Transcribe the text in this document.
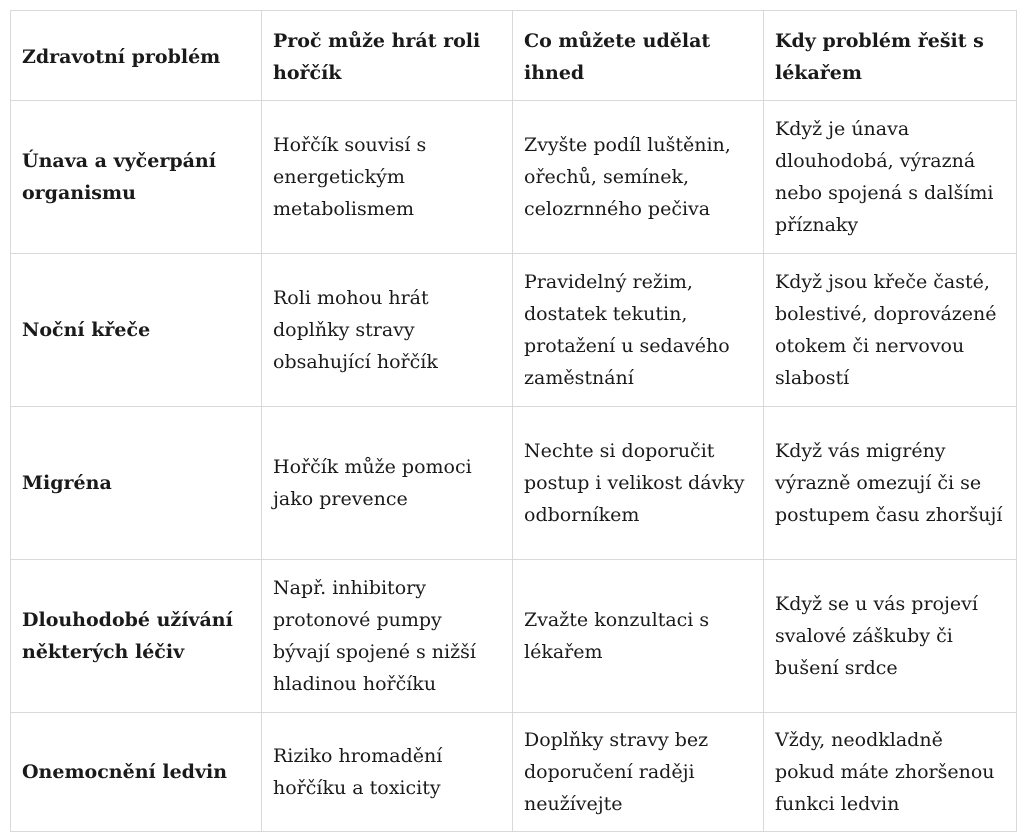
Zdravotní problém	Proč může hrát roli hořčík	Co můžete udělat ihned	Kdy problém řešit s lékařem
Únava a vyčerpání organismu	Hořčík souvisí s energetickým metabolismem	Zvyšte podíl luštěnin, ořechů, semínek, celozrnného pečiva	Když je únava dlouhodobá, výrazná nebo spojená s dalšími příznaky
Noční křeče	Roli mohou hrát doplňky stravy obsahující hořčík	Pravidelný režim, dostatek tekutin, protažení u sedavého zaměstnání	Když jsou křeče časté, bolestivé, doprovázené otokem či nervovou slabostí
Migréna	Hořčík může pomoci jako prevence	Nechte si doporučit postup i velikost dávky odborníkem	Když vás migrény výrazně omezují či se postupem času zhoršují
Dlouhodobé užívání některých léčiv	Např. inhibitory protonové pumpy bývají spojené s nižší hladinou hořčíku	Zvažte konzultaci s lékařem	Když se u vás projeví svalové záškuby či bušení srdce
Onemocnění ledvin	Riziko hromadění hořčíku a toxicity	Doplňky stravy bez doporučení raději neužívejte	Vždy, neodkladně pokud máte zhoršenou funkci ledvin
